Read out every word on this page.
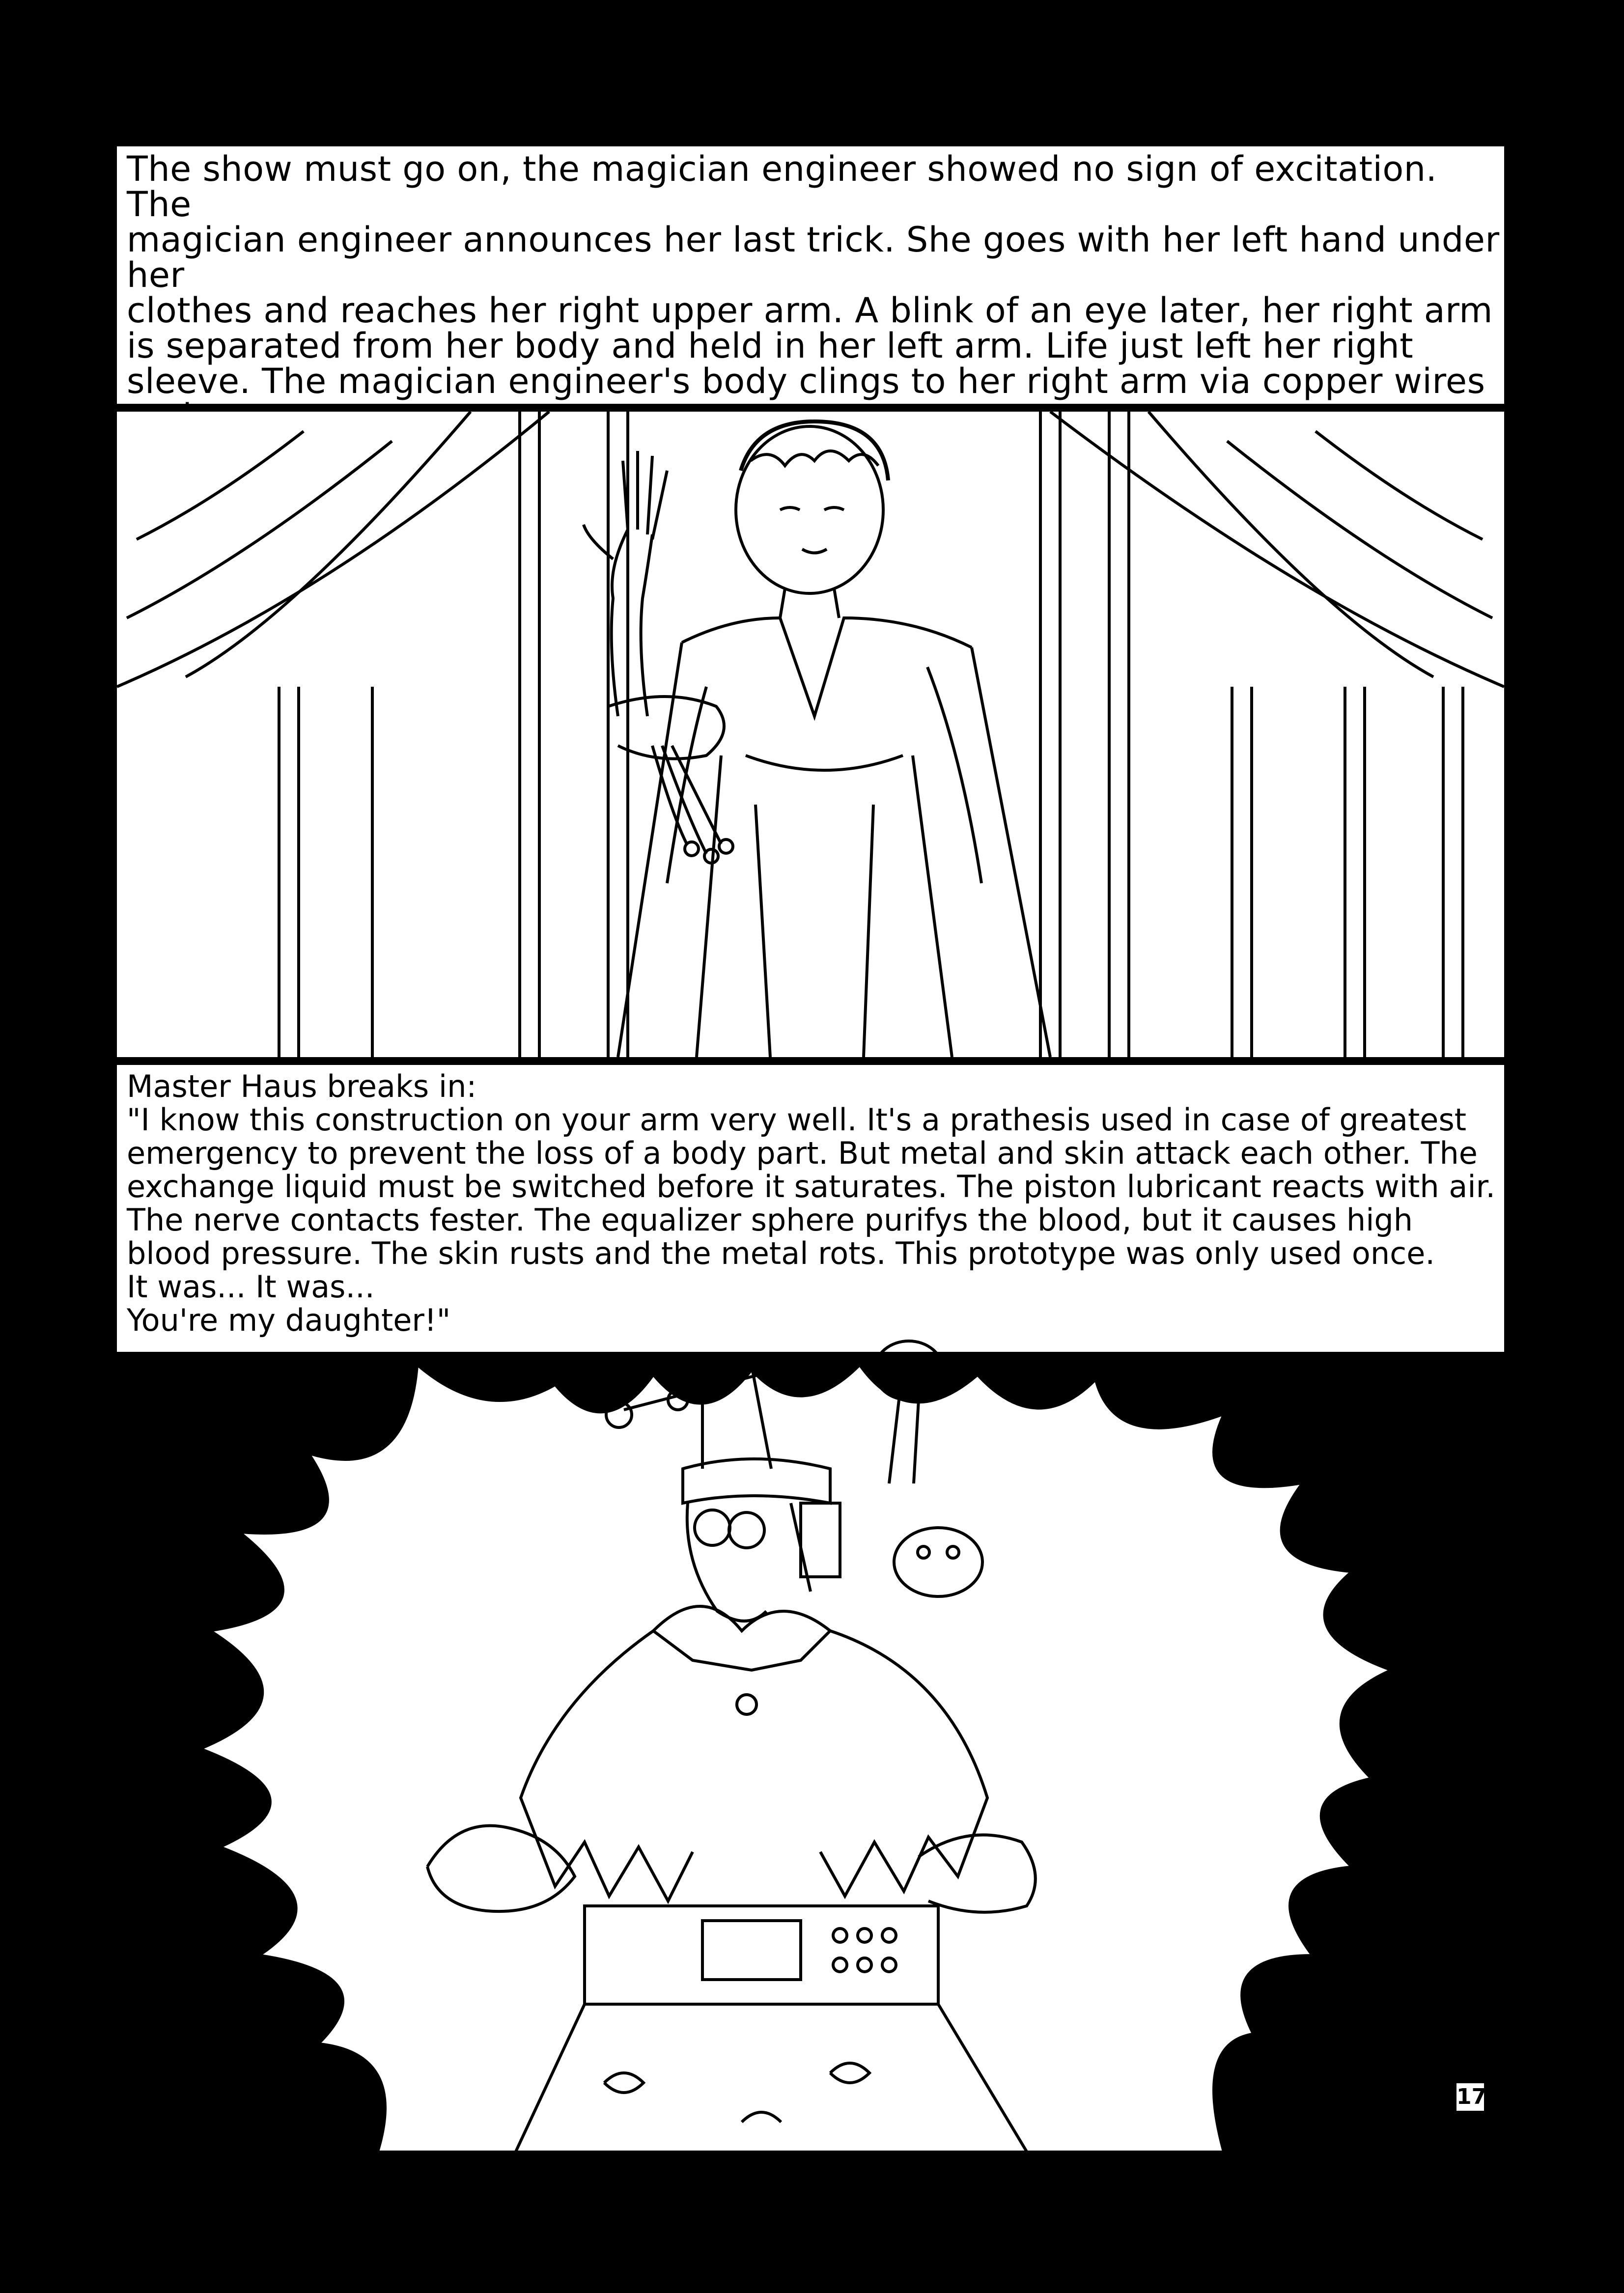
The show must go on, the magician engineer showed no sign of excitation. The
magician engineer announces her last trick. She goes with her left hand under her
clothes and reaches her right upper arm. A blink of an eye later, her right arm
is separated from her body and held in her left arm. Life just left her right
sleeve. The magician engineer's body clings to her right arm via copper wires

Master Haus breaks in:
"I know this construction on your arm very well. It's a prathesis used in case of greatest
emergency to prevent the loss of a body part. But metal and skin attack each other. The
exchange liquid must be switched before it saturates. The piston lubricant reacts with air.
The nerve contacts fester. The equalizer sphere purifys the blood, but it causes high
blood pressure. The skin rusts and the metal rots. This prototype was only used once.
It was... It was...
You're my daughter!"
17
